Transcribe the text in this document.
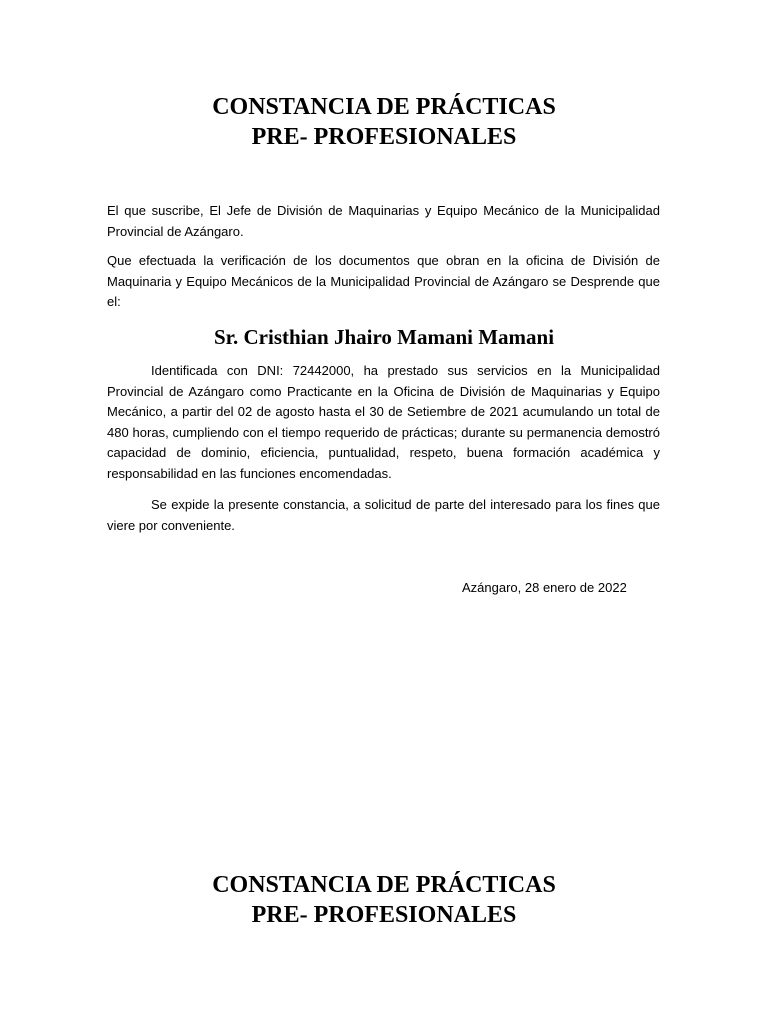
CONSTANCIA DE PRÁCTICAS
PRE- PROFESIONALES

El que suscribe, El Jefe de División de Maquinarias y Equipo Mecánico de la Municipalidad Provincial de Azángaro.

Que efectuada la verificación de los documentos que obran en la oficina de División de Maquinaria y Equipo Mecánicos de la Municipalidad Provincial de Azángaro se Desprende que el:

Sr. Cristhian Jhairo Mamani Mamani

Identificada con DNI: 72442000, ha prestado sus servicios en la Municipalidad Provincial de Azángaro como Practicante en la Oficina de División de Maquinarias y Equipo Mecánico, a partir del 02 de agosto hasta el 30 de Setiembre de 2021 acumulando un total de 480 horas, cumpliendo con el tiempo requerido de prácticas; durante su permanencia demostró capacidad de dominio, eficiencia, puntualidad, respeto, buena formación académica y responsabilidad en las funciones encomendadas.

Se expide la presente constancia, a solicitud de parte del interesado para los fines que viere por conveniente.

Azángaro, 28 enero de 2022

CONSTANCIA DE PRÁCTICAS
PRE- PROFESIONALES
